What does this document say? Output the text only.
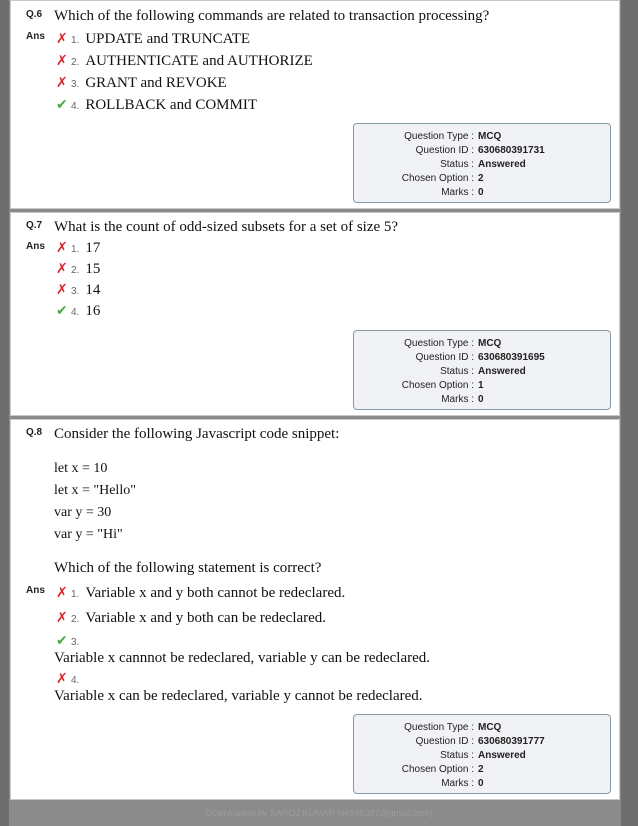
Q.6 Which of the following commands are related to transaction processing?
Ans ✗ 1. UPDATE and TRUNCATE
✗ 2. AUTHENTICATE and AUTHORIZE
✗ 3. GRANT and REVOKE
✔ 4. ROLLBACK and COMMIT
Question Type : MCQ
Question ID : 630680391731
Status : Answered
Chosen Option : 2
Marks : 0
Q.7 What is the count of odd-sized subsets for a set of size 5?
Ans ✗ 1. 17
✗ 2. 15
✗ 3. 14
✔ 4. 16
Question Type : MCQ
Question ID : 630680391695
Status : Answered
Chosen Option : 1
Marks : 0
Q.8 Consider the following Javascript code snippet:
let x = 10
let x = "Hello"
var y = 30
var y = "Hi"
Which of the following statement is correct?
Ans ✗ 1. Variable x and y both cannot be redeclared.
✗ 2. Variable x and y both can be redeclared.
✔ 3.
Variable x cannnot be redeclared, variable y can be redeclared.
✗ 4.
Variable x can be redeclared, variable y cannot be redeclared.
Question Type : MCQ
Question ID : 630680391777
Status : Answered
Chosen Option : 2
Marks : 0
Downloaded by SAROJ KUMAR (sk596387@gmail.com)
